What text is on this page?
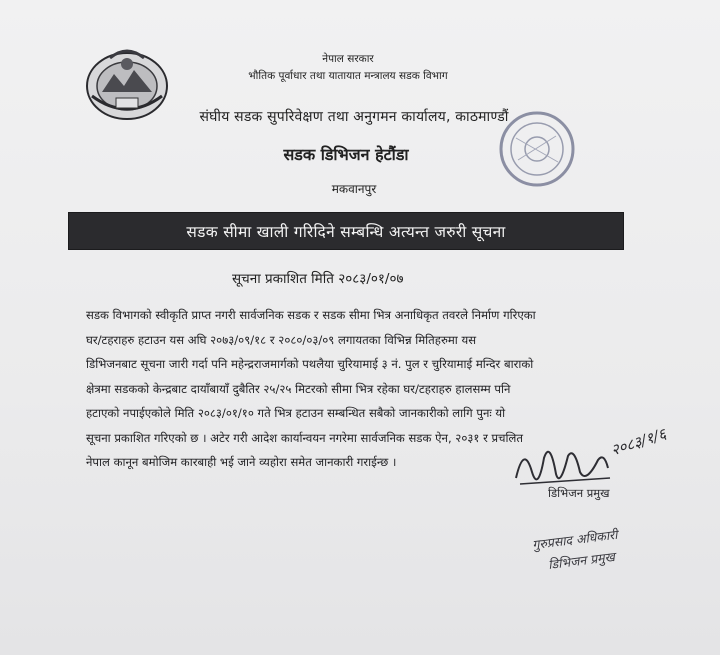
नेपाल सरकार
भौतिक पूर्वाधार तथा यातायात मन्त्रालय सडक विभाग
संघीय सडक सुपरिवेक्षण तथा अनुगमन कार्यालय, काठमाण्डौं
सडक डिभिजन हेटौंडा
मकवानपुर
सडक सीमा खाली गरिदिने सम्बन्धि अत्यन्त जरुरी सूचना
सूचना प्रकाशित मिति २०८३/०१/०७
सडक विभागको स्वीकृति प्राप्त नगरी सार्वजनिक सडक र सडक सीमा भित्र अनाधिकृत तवरले निर्माण गरिएका
घर/टहराहरु हटाउन यस अघि २०७३/०९/१८ र २०८०/०३/०९ लगायतका विभिन्न मितिहरुमा यस
डिभिजनबाट सूचना जारी गर्दा पनि महेन्द्रराजमार्गको पथलैया चुरियामाई ३ नं. पुल र चुरियामाई मन्दिर बाराको
क्षेत्रमा सडकको केन्द्रबाट दायाँबायाँ दुबैतिर २५/२५ मिटरको सीमा भित्र रहेका घर/टहराहरु हालसम्म पनि
हटाएको नपाईएकोले मिति २०८३/०१/१० गते भित्र हटाउन सम्बन्धित सबैको जानकारीको लागि पुनः यो
सूचना प्रकाशित गरिएको छ । अटेर गरी आदेश कार्यान्वयन नगरेमा सार्वजनिक सडक ऐन, २०३१ र प्रचलित
नेपाल कानून बमोजिम कारबाही भई जाने व्यहोरा समेत जानकारी गराईन्छ ।
२०८३/१/६
डिभिजन प्रमुख
गुरुप्रसाद अधिकारी
डिभिजन प्रमुख
